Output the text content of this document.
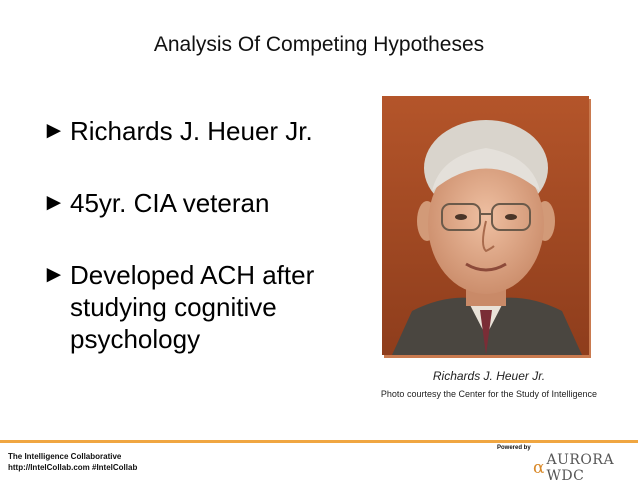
Analysis Of Competing Hypotheses
► Richards J. Heuer Jr.
► 45yr. CIA veteran
► Developed ACH after studying cognitive psychology
Richards J. Heuer Jr.
Photo courtesy the Center for the Study of Intelligence
The Intelligence Collaborative
http://IntelCollab.com #IntelCollab
Powered by
α AURORA WDC
